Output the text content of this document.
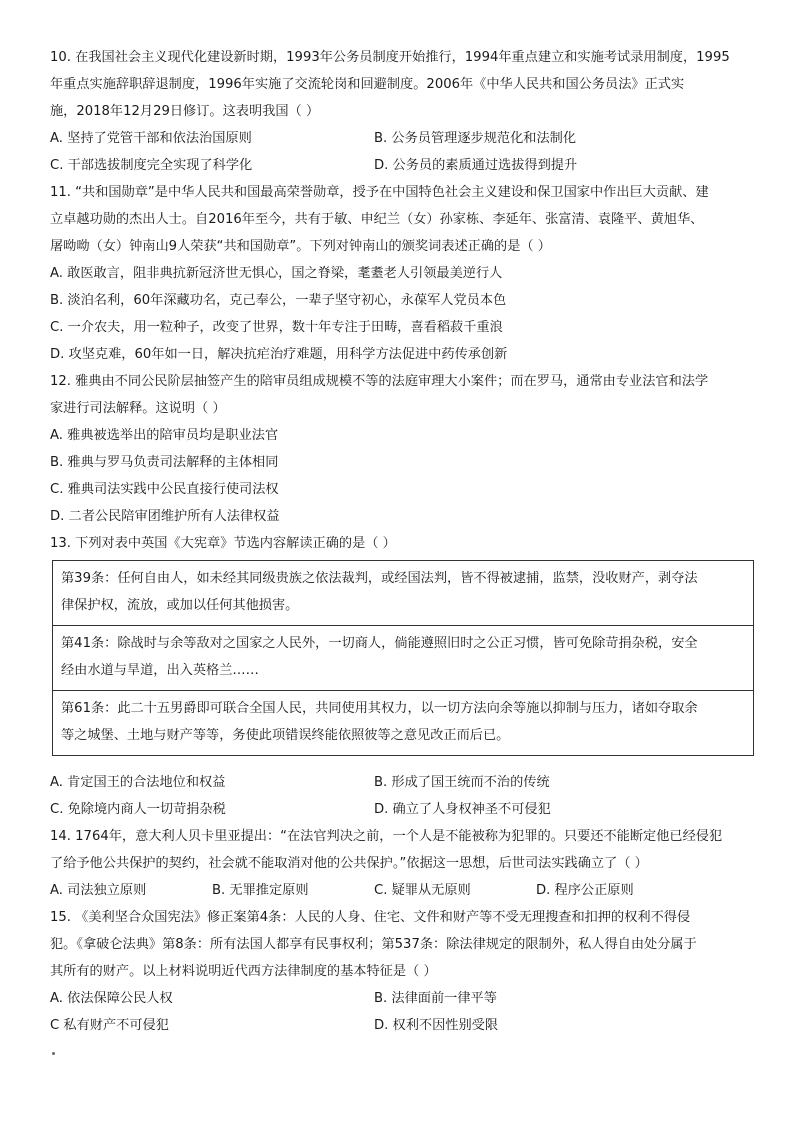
10. 在我国社会主义现代化建设新时期，1993年公务员制度开始推行，1994年重点建立和实施考试录用制度，1995
年重点实施辞职辞退制度，1996年实施了交流轮岗和回避制度。2006年《中华人民共和国公务员法》正式实
施，2018年12月29日修订。这表明我国（ ）
A. 坚持了党管干部和依法治国原则	B. 公务员管理逐步规范化和法制化
C. 干部选拔制度完全实现了科学化	D. 公务员的素质通过选拔得到提升
11. “共和国勋章”是中华人民共和国最高荣誉勋章，授予在中国特色社会主义建设和保卫国家中作出巨大贡献、建
立卓越功勋的杰出人士。自2016年至今，共有于敏、申纪兰（女）孙家栋、李延年、张富清、袁隆平、黄旭华、
屠呦呦（女）钟南山9人荣获“共和国勋章”。下列对钟南山的颁奖词表述正确的是（ ）
A. 敢医敢言，阻非典抗新冠济世无惧心，国之脊梁，耄耋老人引领最美逆行人
B. 淡泊名利，60年深藏功名，克己奉公，一辈子坚守初心，永葆军人党员本色
C. 一介农夫，用一粒种子，改变了世界，数十年专注于田畴，喜看稻菽千重浪
D. 攻坚克难，60年如一日，解决抗疟治疗难题，用科学方法促进中药传承创新
12. 雅典由不同公民阶层抽签产生的陪审员组成规模不等的法庭审理大小案件；而在罗马，通常由专业法官和法学
家进行司法解释。这说明（ ）
A. 雅典被选举出的陪审员均是职业法官
B. 雅典与罗马负责司法解释的主体相同
C. 雅典司法实践中公民直接行使司法权
D. 二者公民陪审团维护所有人法律权益
13. 下列对表中英国《大宪章》节选内容解读正确的是（ ）
第39条：任何自由人，如未经其同级贵族之依法裁判，或经国法判，皆不得被逮捕，监禁，没收财产，剥夺法
律保护权，流放，或加以任何其他损害。

第41条：除战时与余等敌对之国家之人民外，一切商人，倘能遵照旧时之公正习惯，皆可免除苛捐杂税，安全
经由水道与旱道，出入英格兰……

第61条：此二十五男爵即可联合全国人民，共同使用其权力，以一切方法向余等施以抑制与压力，诸如夺取余
等之城堡、土地与财产等等，务使此项错误终能依照彼等之意见改正而后已。
A. 肯定国王的合法地位和权益	B. 形成了国王统而不治的传统
C. 免除境内商人一切苛捐杂税	D. 确立了人身权神圣不可侵犯
14. 1764年，意大利人贝卡里亚提出：“在法官判决之前，一个人是不能被称为犯罪的。只要还不能断定他已经侵犯
了给予他公共保护的契约，社会就不能取消对他的公共保护。”依据这一思想，后世司法实践确立了（ ）
A. 司法独立原则	B. 无罪推定原则	C. 疑罪从无原则	D. 程序公正原则
15. 《美利坚合众国宪法》修正案第4条：人民的人身、住宅、文件和财产等不受无理搜查和扣押的权利不得侵
犯。《拿破仑法典》第8条：所有法国人都享有民事权利；第537条：除法律规定的限制外，私人得自由处分属于
其所有的财产。以上材料说明近代西方法律制度的基本特征是（ ）
A. 依法保障公民人权	B. 法律面前一律平等
C 私有财产不可侵犯	D. 权利不因性别受限
